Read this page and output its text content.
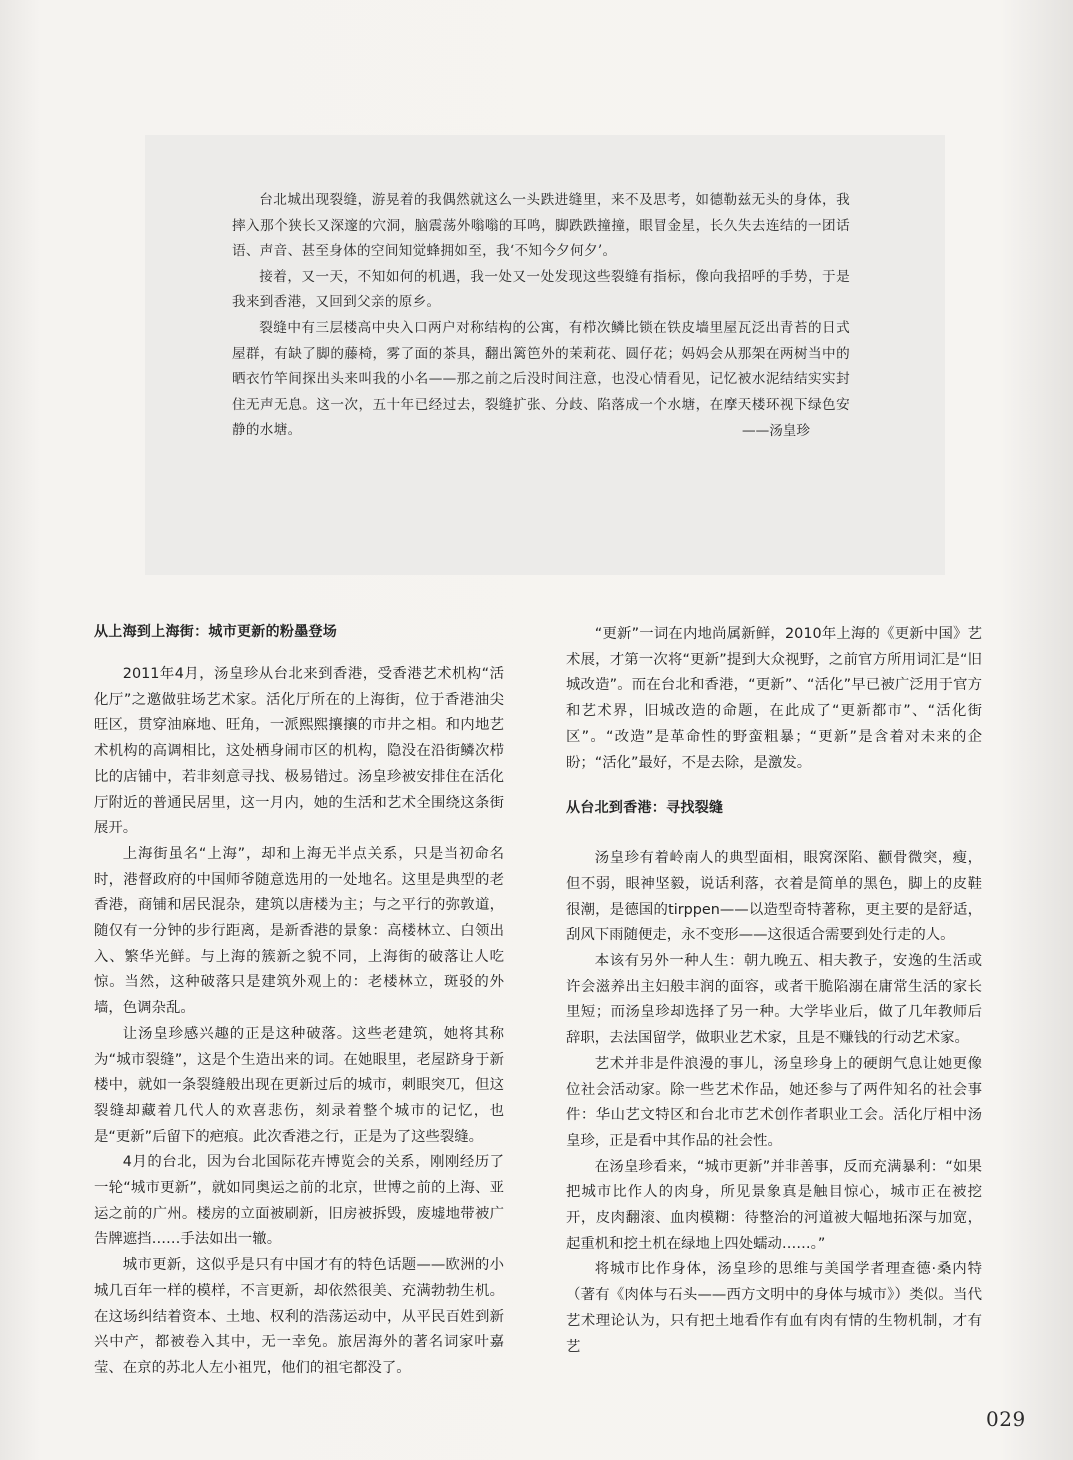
台北城出现裂缝，游晃着的我偶然就这么一头跌进缝里，来不及思考，如德勒兹无头的身体，我摔入那个狭长又深邃的穴洞，脑震荡外嗡嗡的耳鸣，脚跌跌撞撞，眼冒金星，长久失去连结的一团话语、声音、甚至身体的空间知觉蜂拥如至，我‘不知今夕何夕’。

接着，又一天，不知如何的机遇，我一处又一处发现这些裂缝有指标，像向我招呼的手势，于是我来到香港，又回到父亲的原乡。

裂缝中有三层楼高中央入口两户对称结构的公寓，有栉次鳞比锁在铁皮墙里屋瓦泛出青苔的日式屋群，有缺了脚的藤椅，雾了面的茶具，翻出篱笆外的茉莉花、圆仔花；妈妈会从那架在两树当中的晒衣竹竿间探出头来叫我的小名——那之前之后没时间注意，也没心情看见，记忆被水泥结结实实封住无声无息。这一次，五十年已经过去，裂缝扩张、分歧、陷落成一个水塘，在摩天楼环视下绿色安静的水塘。	——汤皇珍
从上海到上海街：城市更新的粉墨登场

2011年4月，汤皇珍从台北来到香港，受香港艺术机构“活化厅”之邀做驻场艺术家。活化厅所在的上海街，位于香港油尖旺区，贯穿油麻地、旺角，一派熙熙攘攘的市井之相。和内地艺术机构的高调相比，这处栖身闹市区的机构，隐没在沿街鳞次栉比的店铺中，若非刻意寻找、极易错过。汤皇珍被安排住在活化厅附近的普通民居里，这一月内，她的生活和艺术全围绕这条街展开。

上海街虽名“上海”，却和上海无半点关系，只是当初命名时，港督政府的中国师爷随意选用的一处地名。这里是典型的老香港，商铺和居民混杂，建筑以唐楼为主；与之平行的弥敦道，随仅有一分钟的步行距离，是新香港的景象：高楼林立、白领出入、繁华光鲜。与上海的簇新之貌不同，上海街的破落让人吃惊。当然，这种破落只是建筑外观上的：老楼林立，斑驳的外墙，色调杂乱。

让汤皇珍感兴趣的正是这种破落。这些老建筑，她将其称为“城市裂缝”，这是个生造出来的词。在她眼里，老屋跻身于新楼中，就如一条裂缝般出现在更新过后的城市，刺眼突兀，但这裂缝却藏着几代人的欢喜悲伤，刻录着整个城市的记忆，也是“更新”后留下的疤痕。此次香港之行，正是为了这些裂缝。

4月的台北，因为台北国际花卉博览会的关系，刚刚经历了一轮“城市更新”，就如同奥运之前的北京，世博之前的上海、亚运之前的广州。楼房的立面被刷新，旧房被拆毁，废墟地带被广告牌遮挡……手法如出一辙。

城市更新，这似乎是只有中国才有的特色话题——欧洲的小城几百年一样的模样，不言更新，却依然很美、充满勃勃生机。在这场纠结着资本、土地、权利的浩荡运动中，从平民百姓到新兴中产，都被卷入其中，无一幸免。旅居海外的著名词家叶嘉莹、在京的苏北人左小祖咒，他们的祖宅都没了。

“更新”一词在内地尚属新鲜，2010年上海的《更新中国》艺术展，才第一次将“更新”提到大众视野，之前官方所用词汇是“旧城改造”。而在台北和香港，“更新”、“活化”早已被广泛用于官方和艺术界，旧城改造的命题，在此成了“更新都市”、“活化街区”。“改造”是革命性的野蛮粗暴；“更新”是含着对未来的企盼；“活化”最好，不是去除，是激发。

从台北到香港：寻找裂缝

汤皇珍有着岭南人的典型面相，眼窝深陷、颧骨微突，瘦，但不弱，眼神坚毅，说话利落，衣着是简单的黑色，脚上的皮鞋很潮，是德国的tirppen——以造型奇特著称，更主要的是舒适，刮风下雨随便走，永不变形——这很适合需要到处行走的人。

本该有另外一种人生：朝九晚五、相夫教子，安逸的生活或许会滋养出主妇般丰润的面容，或者干脆陷溺在庸常生活的家长里短；而汤皇珍却选择了另一种。大学毕业后，做了几年教师后辞职，去法国留学，做职业艺术家，且是不赚钱的行动艺术家。

艺术并非是件浪漫的事儿，汤皇珍身上的硬朗气息让她更像位社会活动家。除一些艺术作品，她还参与了两件知名的社会事件：华山艺文特区和台北市艺术创作者职业工会。活化厅相中汤皇珍，正是看中其作品的社会性。

在汤皇珍看来，“城市更新”并非善事，反而充满暴利：“如果把城市比作人的肉身，所见景象真是触目惊心，城市正在被挖开，皮肉翻滚、血肉模糊：待整治的河道被大幅地拓深与加宽，起重机和挖土机在绿地上四处蠕动……。”

将城市比作身体，汤皇珍的思维与美国学者理查德·桑内特（著有《肉体与石头——西方文明中的身体与城市》）类似。当代艺术理论认为，只有把土地看作有血有肉有情的生物机制，才有艺

029
